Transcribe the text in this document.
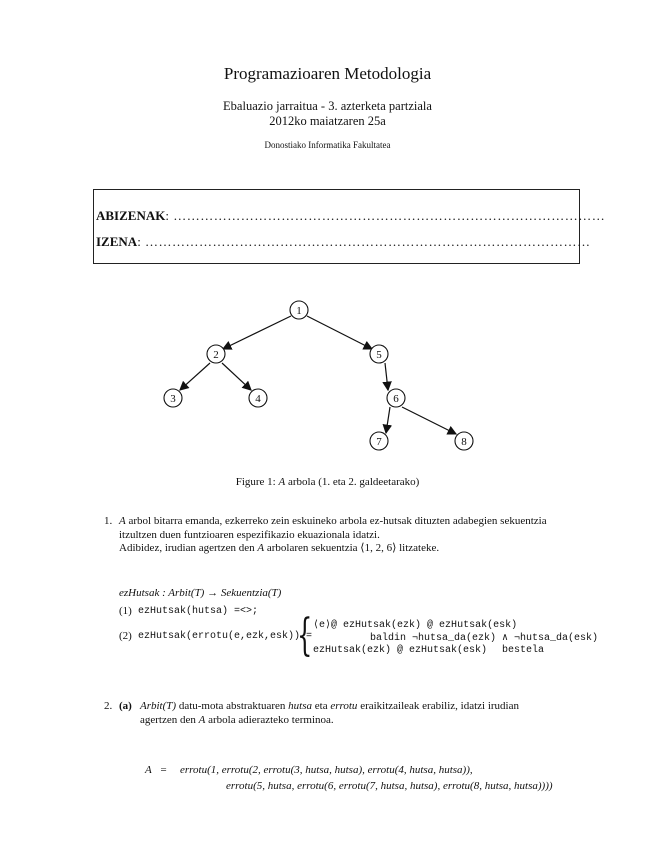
Programazioaren Metodologia
Ebaluazio jarraitua - 3. azterketa partziala
2012ko maiatzaren 25a
Donostiako Informatika Fakultatea
ABIZENAK: ……………………………………………………………………………………
IZENA: ………………………………………………………………………………………
1
2	5
3	4	6
7	8
Figure 1: A arbola (1. eta 2. galdeetarako)
1. A arbol bitarra emanda, ezkerreko zein eskuineko arbola ez-hutsak dituzten adabegien sekuentzia
itzultzen duen funtzioaren espezifikazio ekuazionala idatzi.
Adibidez, irudian agertzen den A arbolaren sekuentzia ⟨1, 2, 6⟩ litzateke.
ezHutsak : Arbit(T) → Sekuentzia(T)
(1) ezHutsak(hutsa) =<>;
(2) ezHutsak(errotu(e,ezk,esk)) =
{ ⟨e⟩@ ezHutsak(ezk) @ ezHutsak(esk)
baldin ¬hutsa_da(ezk) ∧ ¬hutsa_da(esk)
ezHutsak(ezk) @ ezHutsak(esk) bestela
2. (a) Arbit(T) datu-mota abstraktuaren hutsa eta errotu eraikitzaileak erabiliz, idatzi irudian
agertzen den A arbola adierazteko terminoa.
A   = errotu(1, errotu(2, errotu(3, hutsa, hutsa), errotu(4, hutsa, hutsa)),
errotu(5, hutsa, errotu(6, errotu(7, hutsa, hutsa), errotu(8, hutsa, hutsa))))
